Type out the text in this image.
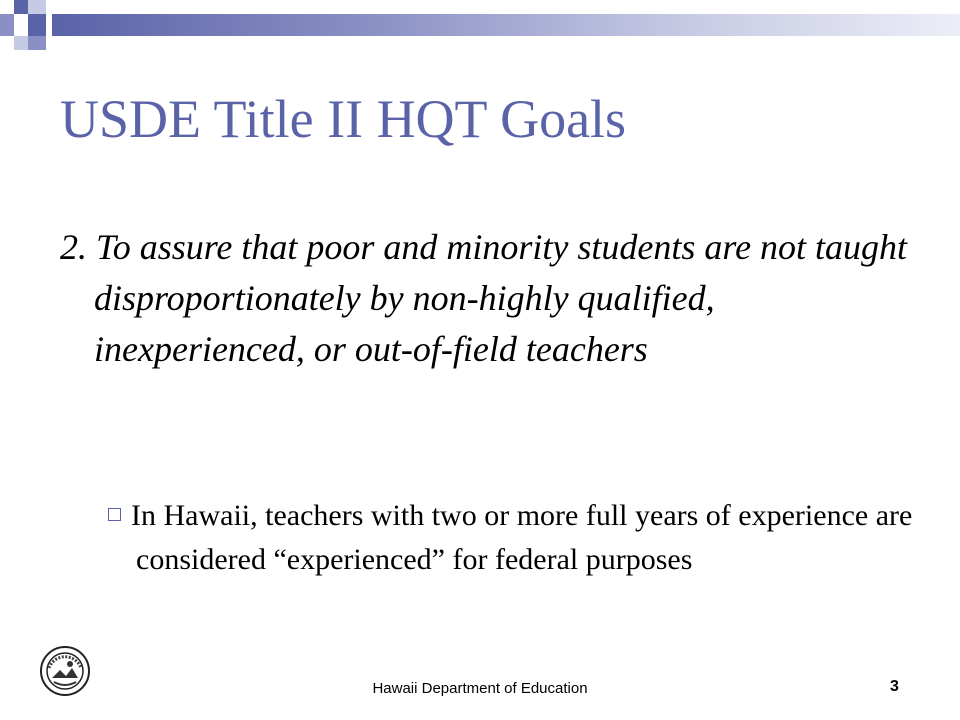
USDE Title II HQT Goals
2. To assure that poor and minority students are not taught disproportionately by non-highly qualified, inexperienced, or out-of-field teachers
In Hawaii, teachers with two or more full years of experience are considered “experienced” for federal purposes
Hawaii Department of Education	3
